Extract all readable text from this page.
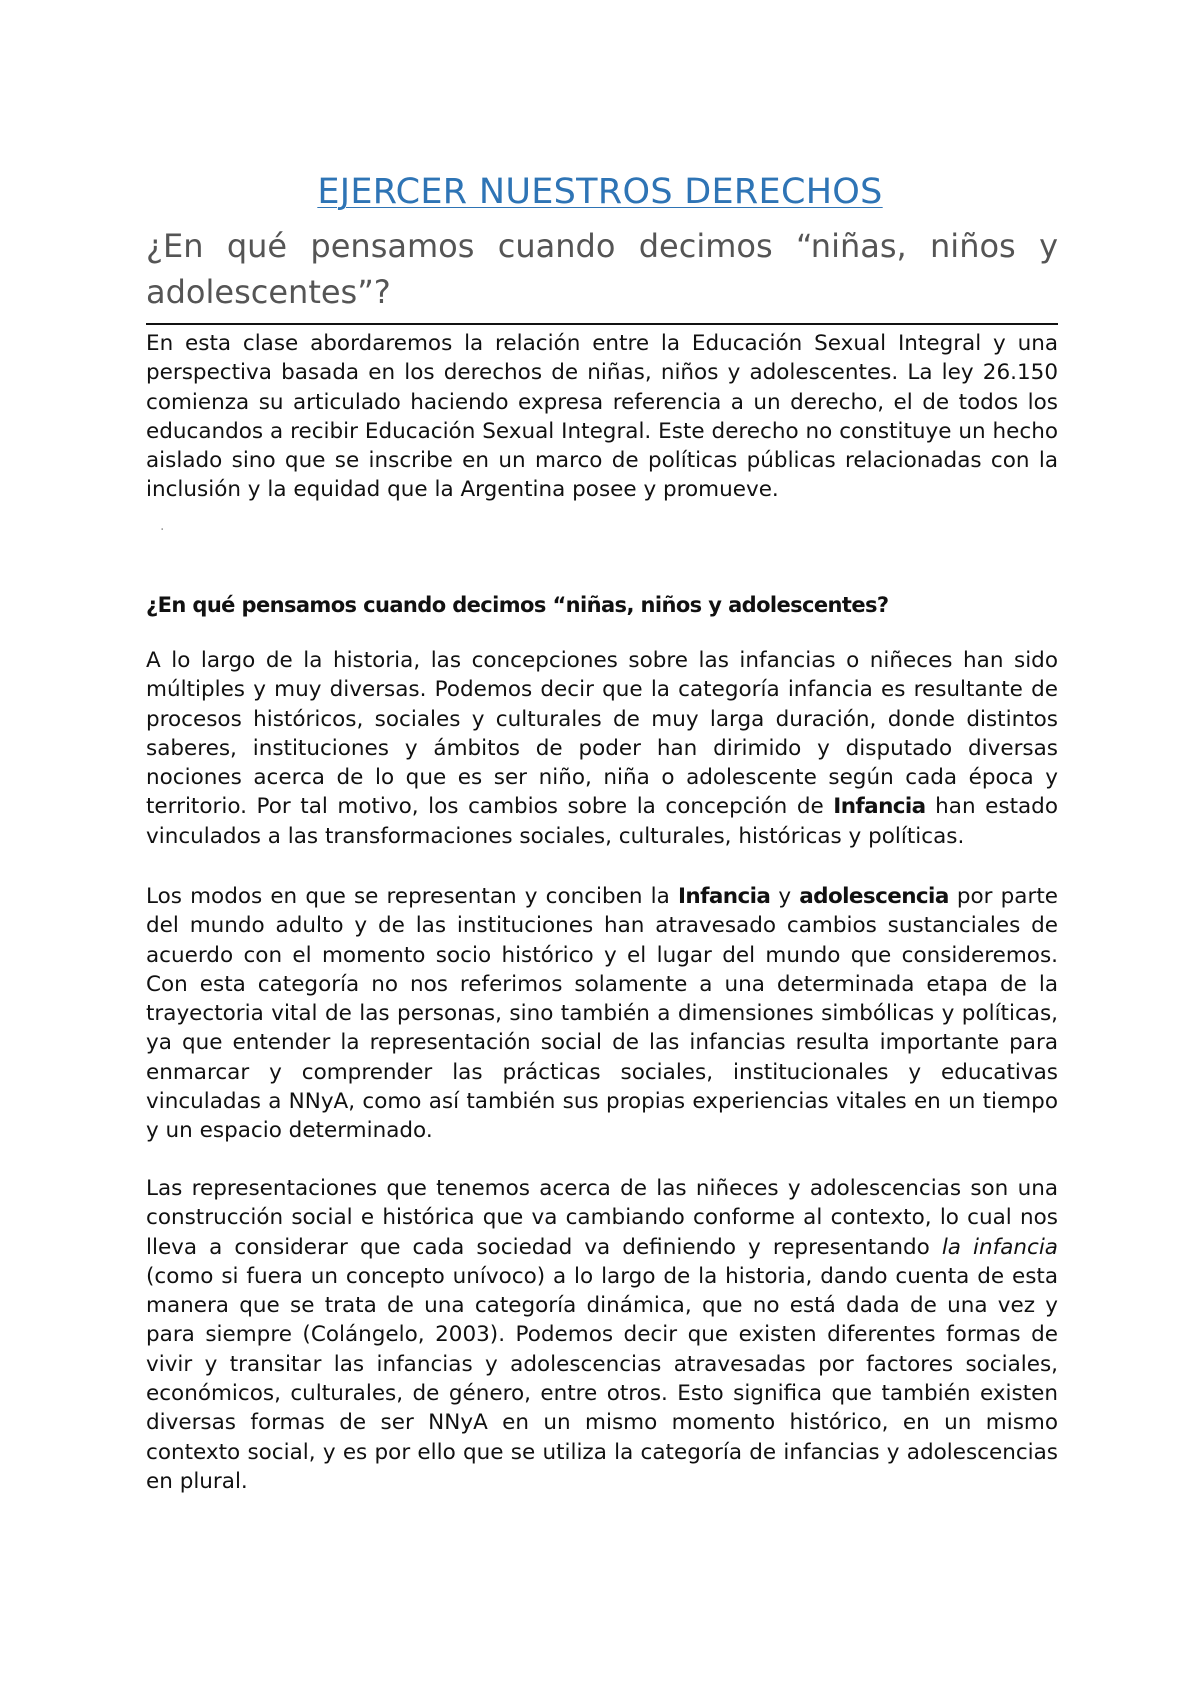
EJERCER NUESTROS DERECHOS
¿En qué pensamos cuando decimos “niñas, niños y adolescentes”?

En esta clase abordaremos la relación entre la Educación Sexual Integral y una perspectiva basada en los derechos de niñas, niños y adolescentes. La ley 26.150 comienza su articulado haciendo expresa referencia a un derecho, el de todos los educandos a recibir Educación Sexual Integral. Este derecho no constituye un hecho aislado sino que se inscribe en un marco de políticas públicas relacionadas con la inclusión y la equidad que la Argentina posee y promueve.

·
¿En qué pensamos cuando decimos “niñas, niños y adolescentes?

A lo largo de la historia, las concepciones sobre las infancias o niñeces han sido múltiples y muy diversas. Podemos decir que la categoría infancia es resultante de procesos históricos, sociales y culturales de muy larga duración, donde distintos saberes, instituciones y ámbitos de poder han dirimido y disputado diversas nociones acerca de lo que es ser niño, niña o adolescente según cada época y territorio. Por tal motivo, los cambios sobre la concepción de Infancia han estado vinculados a las transformaciones sociales, culturales, históricas y políticas.

Los modos en que se representan y conciben la Infancia y adolescencia por parte del mundo adulto y de las instituciones han atravesado cambios sustanciales de acuerdo con el momento socio histórico y el lugar del mundo que consideremos. Con esta categoría no nos referimos solamente a una determinada etapa de la trayectoria vital de las personas, sino también a dimensiones simbólicas y políticas, ya que entender la representación social de las infancias resulta importante para enmarcar y comprender las prácticas sociales, institucionales y educativas vinculadas a NNyA, como así también sus propias experiencias vitales en un tiempo y un espacio determinado.

Las representaciones que tenemos acerca de las niñeces y adolescencias son una construcción social e histórica que va cambiando conforme al contexto, lo cual nos lleva a considerar que cada sociedad va definiendo y representando la infancia (como si fuera un concepto unívoco) a lo largo de la historia, dando cuenta de esta manera que se trata de una categoría dinámica, que no está dada de una vez y para siempre (Colángelo, 2003). Podemos decir que existen diferentes formas de vivir y transitar las infancias y adolescencias atravesadas por factores sociales, económicos, culturales, de género, entre otros. Esto significa que también existen diversas formas de ser NNyA en un mismo momento histórico, en un mismo contexto social, y es por ello que se utiliza la categoría de infancias y adolescencias en plural.
